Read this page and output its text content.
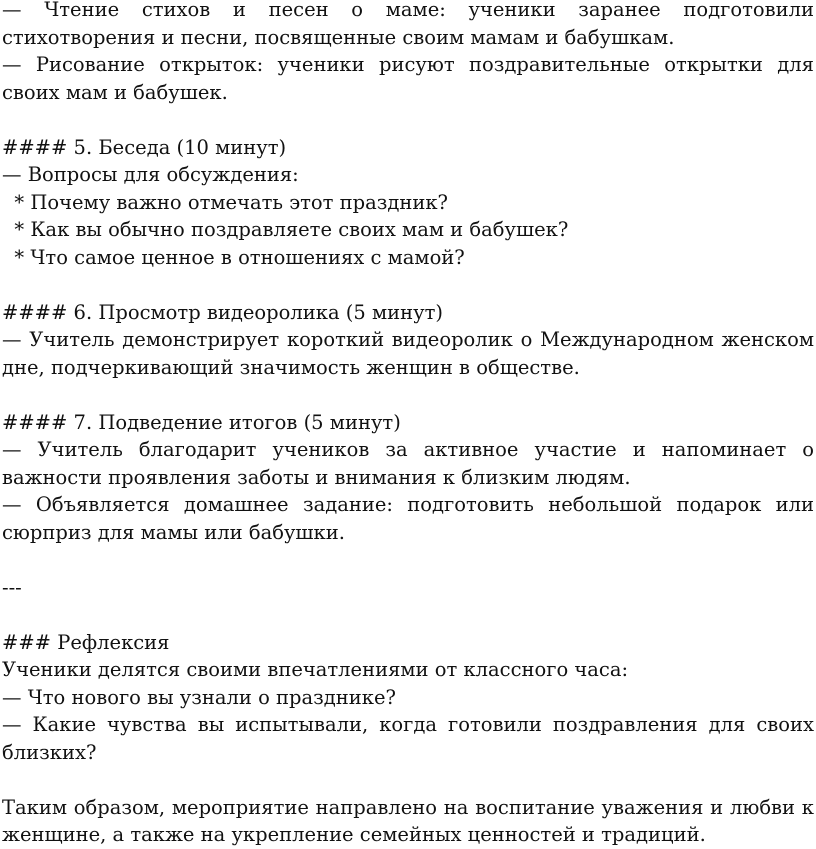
— Чтение стихов и песен о маме: ученики заранее подготовили
стихотворения и песни, посвященные своим мамам и бабушкам.
— Рисование открыток: ученики рисуют поздравительные открытки для
своих мам и бабушек.
#### 5. Беседа (10 минут)
— Вопросы для обсуждения:
* Почему важно отмечать этот праздник?
* Как вы обычно поздравляете своих мам и бабушек?
* Что самое ценное в отношениях с мамой?
#### 6. Просмотр видеоролика (5 минут)
— Учитель демонстрирует короткий видеоролик о Международном женском
дне, подчеркивающий значимость женщин в обществе.
#### 7. Подведение итогов (5 минут)
— Учитель благодарит учеников за активное участие и напоминает о
важности проявления заботы и внимания к близким людям.
— Объявляется домашнее задание: подготовить небольшой подарок или
сюрприз для мамы или бабушки.
---
### Рефлексия
Ученики делятся своими впечатлениями от классного часа:
— Что нового вы узнали о празднике?
— Какие чувства вы испытывали, когда готовили поздравления для своих
близких?
Таким образом, мероприятие направлено на воспитание уважения и любви к
женщине, а также на укрепление семейных ценностей и традиций.
